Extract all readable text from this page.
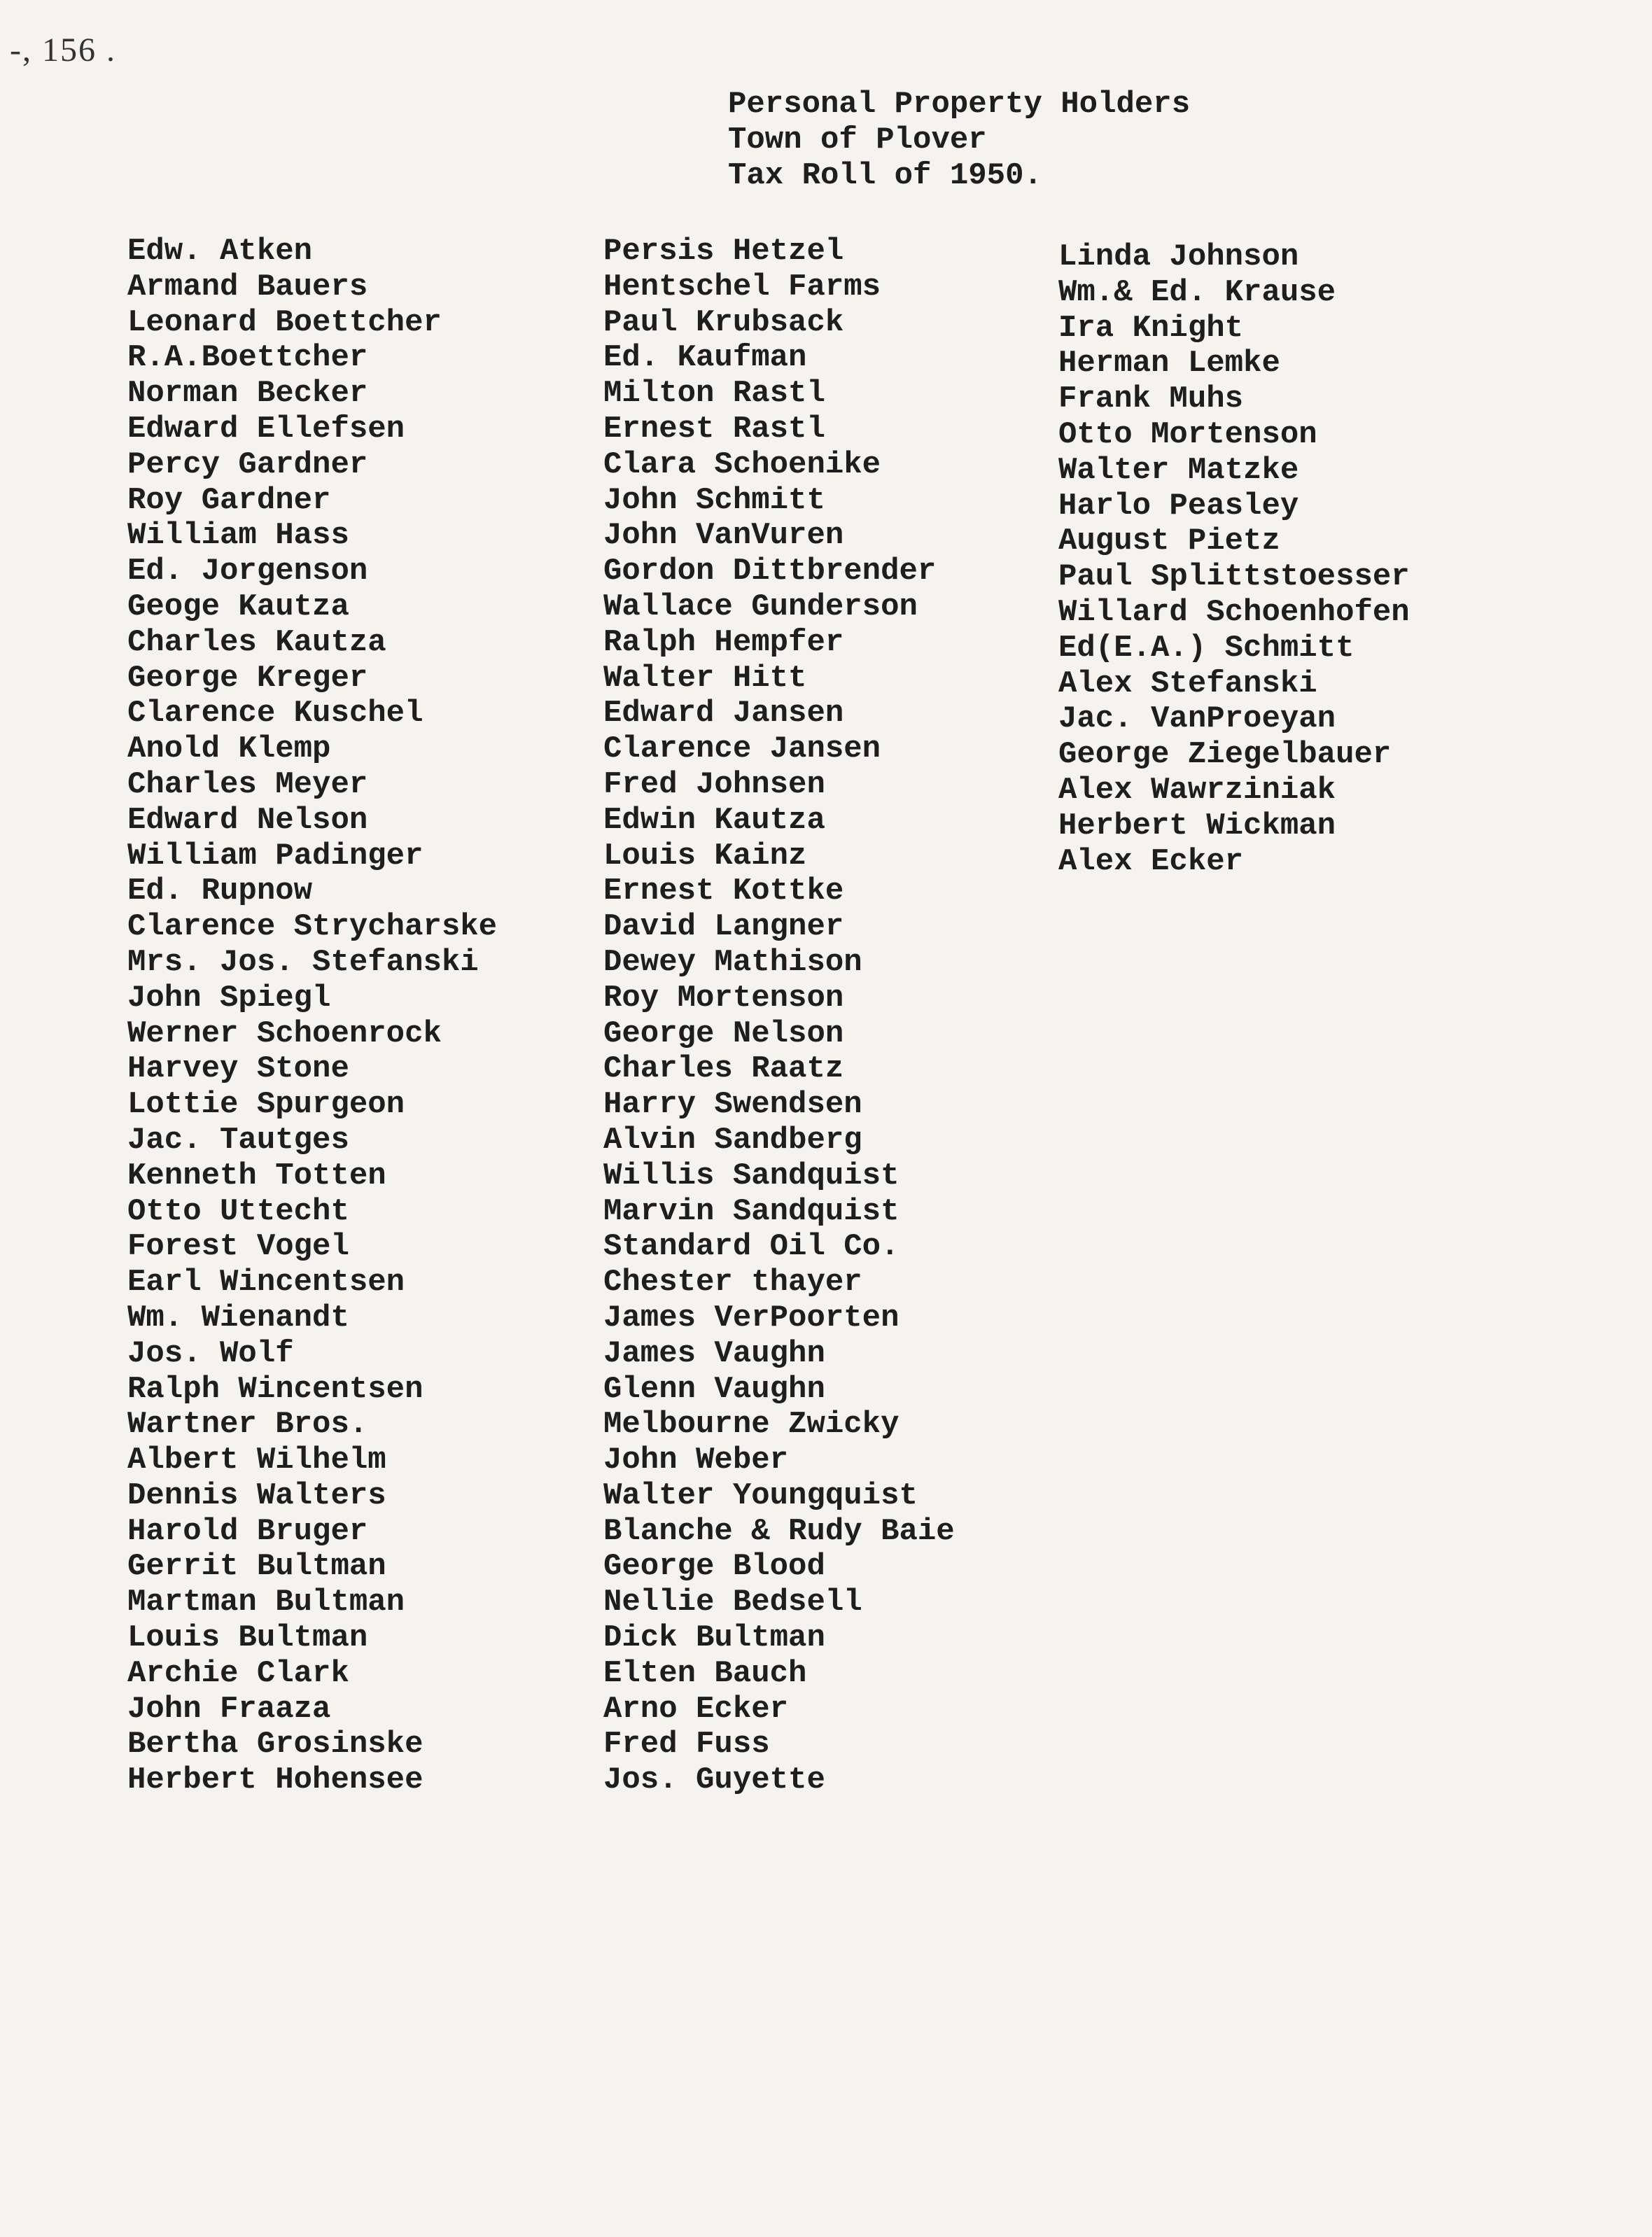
-, 156 .
Personal Property Holders
Town of Plover
Tax Roll of 1950.
Edw. Atken
Armand Bauers
Leonard Boettcher
R.A.Boettcher
Norman Becker
Edward Ellefsen
Percy Gardner
Roy Gardner
William Hass
Ed. Jorgenson
Geoge Kautza
Charles Kautza
George Kreger
Clarence Kuschel
Anold Klemp
Charles Meyer
Edward Nelson
William Padinger
Ed. Rupnow
Clarence Strycharske
Mrs. Jos. Stefanski
John Spiegl
Werner Schoenrock
Harvey Stone
Lottie Spurgeon
Jac. Tautges
Kenneth Totten
Otto Uttecht
Forest Vogel
Earl Wincentsen
Wm. Wienandt
Jos. Wolf
Ralph Wincentsen
Wartner Bros.
Albert Wilhelm
Dennis Walters
Harold Bruger
Gerrit Bultman
Martman Bultman
Louis Bultman
Archie Clark
John Fraaza
Bertha Grosinske
Herbert Hohensee
Persis Hetzel
Hentschel Farms
Paul Krubsack
Ed. Kaufman
Milton Rastl
Ernest Rastl
Clara Schoenike
John Schmitt
John VanVuren
Gordon Dittbrender
Wallace Gunderson
Ralph Hempfer
Walter Hitt
Edward Jansen
Clarence Jansen
Fred Johnsen
Edwin Kautza
Louis Kainz
Ernest Kottke
David Langner
Dewey Mathison
Roy Mortenson
George Nelson
Charles Raatz
Harry Swendsen
Alvin Sandberg
Willis Sandquist
Marvin Sandquist
Standard Oil Co.
Chester thayer
James VerPoorten
James Vaughn
Glenn Vaughn
Melbourne Zwicky
John Weber
Walter Youngquist
Blanche & Rudy Baie
George Blood
Nellie Bedsell
Dick Bultman
Elten Bauch
Arno Ecker
Fred Fuss
Jos. Guyette
Linda Johnson
Wm.& Ed. Krause
Ira Knight
Herman Lemke
Frank Muhs
Otto Mortenson
Walter Matzke
Harlo Peasley
August Pietz
Paul Splittstoesser
Willard Schoenhofen
Ed(E.A.) Schmitt
Alex Stefanski
Jac. VanProeyan
George Ziegelbauer
Alex Wawrziniak
Herbert Wickman
Alex Ecker
